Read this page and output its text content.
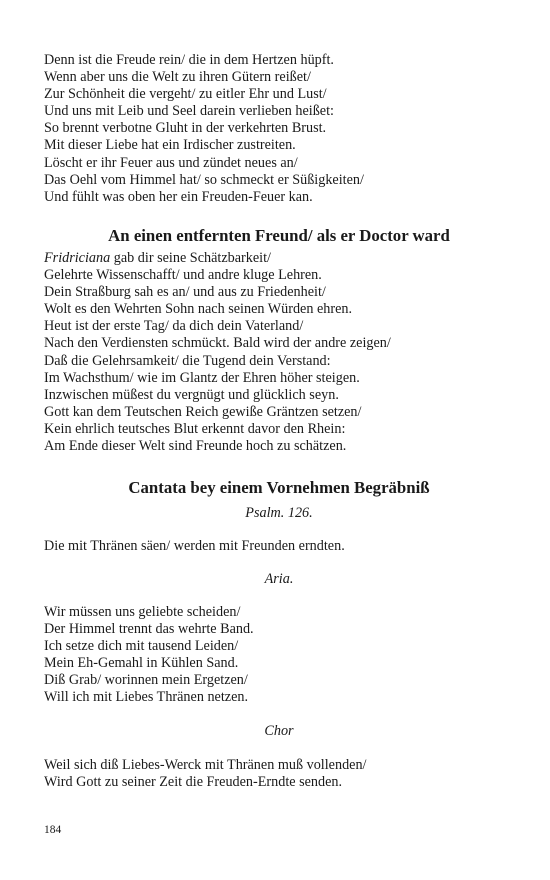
Denn ist die Freude rein/ die in dem Hertzen hüpft.
Wenn aber uns die Welt zu ihren Gütern reißet/
Zur Schönheit die vergeht/ zu eitler Ehr und Lust/
Und uns mit Leib und Seel darein verlieben heißet:
So brennt verbotne Gluht in der verkehrten Brust.
Mit dieser Liebe hat ein Irdischer zustreiten.
Löscht er ihr Feuer aus und zündet neues an/
Das Oehl vom Himmel hat/ so schmeckt er Süßigkeiten/
Und fühlt was oben her ein Freuden-Feuer kan.
An einen entfernten Freund/ als er Doctor ward
Fridriciana gab dir seine Schätzbarkeit/
Gelehrte Wissenschafft/ und andre kluge Lehren.
Dein Straßburg sah es an/ und aus zu Friedenheit/
Wolt es den Wehrten Sohn nach seinen Würden ehren.
Heut ist der erste Tag/ da dich dein Vaterland/
Nach den Verdiensten schmückt. Bald wird der andre zeigen/
Daß die Gelehrsamkeit/ die Tugend dein Verstand:
Im Wachsthum/ wie im Glantz der Ehren höher steigen.
Inzwischen müßest du vergnügt und glücklich seyn.
Gott kan dem Teutschen Reich gewiße Gräntzen setzen/
Kein ehrlich teutsches Blut erkennt davor den Rhein:
Am Ende dieser Welt sind Freunde hoch zu schätzen.
Cantata bey einem Vornehmen Begräbniß
Psalm. 126.
Die mit Thränen säen/ werden mit Freunden erndten.
Aria.
Wir müssen uns geliebte scheiden/
Der Himmel trennt das wehrte Band.
Ich setze dich mit tausend Leiden/
Mein Eh-Gemahl in Kühlen Sand.
Diß Grab/ worinnen mein Ergetzen/
Will ich mit Liebes Thränen netzen.
Chor
Weil sich diß Liebes-Werck mit Thränen muß vollenden/
Wird Gott zu seiner Zeit die Freuden-Erndte senden.
184
